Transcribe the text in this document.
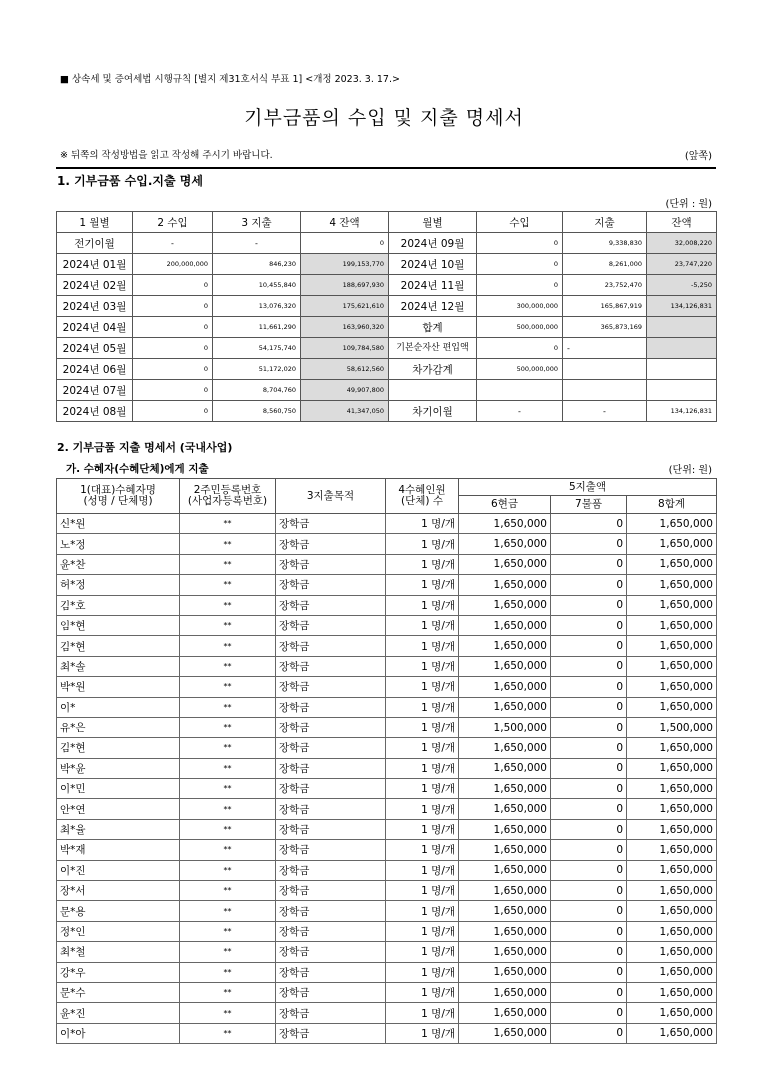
■ 상속세 및 증여세법 시행규칙 [별지 제31호서식 부표 1] <개정 2023. 3. 17.>
기부금품의 수입 및 지출 명세서
※ 뒤쪽의 작성방법을 읽고 작성해 주시기 바랍니다.	(앞쪽)
1. 기부금품 수입.지출 명세
(단위 : 원)
1 월별	2 수입	3 지출	4 잔액	월별	수입	지출	잔액
전기이월	-	-	0	2024년 09월	0	9,338,830	32,008,220
2024년 01월	200,000,000	846,230	199,153,770	2024년 10월	0	8,261,000	23,747,220
2024년 02월	0	10,455,840	188,697,930	2024년 11월	0	23,752,470	-5,250
2024년 03월	0	13,076,320	175,621,610	2024년 12월	300,000,000	165,867,919	134,126,831
2024년 04월	0	11,661,290	163,960,320	합계	500,000,000	365,873,169	
2024년 05월	0	54,175,740	109,784,580	기본순자산 편입액	0	-	
2024년 06월	0	51,172,020	58,612,560	차가감계	500,000,000		
2024년 07월	0	8,704,760	49,907,800				
2024년 08월	0	8,560,750	41,347,050	차기이월	-	-	134,126,831
2. 기부금품 지출 명세서 (국내사업)
가. 수혜자(수혜단체)에게 지출	(단위: 원)
1(대표)수혜자명
(성명 / 단체명)	2주민등록번호
(사업자등록번호)	3지출목적	4수혜인원
(단체) 수	5지출액		
				6현금	7물품	8합계
신*원	**	장학금	1 명/개	1,650,000	0	1,650,000
노*정	**	장학금	1 명/개	1,650,000	0	1,650,000
윤*찬	**	장학금	1 명/개	1,650,000	0	1,650,000
허*정	**	장학금	1 명/개	1,650,000	0	1,650,000
김*호	**	장학금	1 명/개	1,650,000	0	1,650,000
임*현	**	장학금	1 명/개	1,650,000	0	1,650,000
김*현	**	장학금	1 명/개	1,650,000	0	1,650,000
최*솔	**	장학금	1 명/개	1,650,000	0	1,650,000
박*원	**	장학금	1 명/개	1,650,000	0	1,650,000
이*	**	장학금	1 명/개	1,650,000	0	1,650,000
유*은	**	장학금	1 명/개	1,500,000	0	1,500,000
김*현	**	장학금	1 명/개	1,650,000	0	1,650,000
박*윤	**	장학금	1 명/개	1,650,000	0	1,650,000
이*민	**	장학금	1 명/개	1,650,000	0	1,650,000
안*연	**	장학금	1 명/개	1,650,000	0	1,650,000
최*율	**	장학금	1 명/개	1,650,000	0	1,650,000
박*재	**	장학금	1 명/개	1,650,000	0	1,650,000
이*진	**	장학금	1 명/개	1,650,000	0	1,650,000
장*서	**	장학금	1 명/개	1,650,000	0	1,650,000
문*용	**	장학금	1 명/개	1,650,000	0	1,650,000
정*인	**	장학금	1 명/개	1,650,000	0	1,650,000
최*철	**	장학금	1 명/개	1,650,000	0	1,650,000
강*우	**	장학금	1 명/개	1,650,000	0	1,650,000
문*수	**	장학금	1 명/개	1,650,000	0	1,650,000
윤*진	**	장학금	1 명/개	1,650,000	0	1,650,000
이*아	**	장학금	1 명/개	1,650,000	0	1,650,000
